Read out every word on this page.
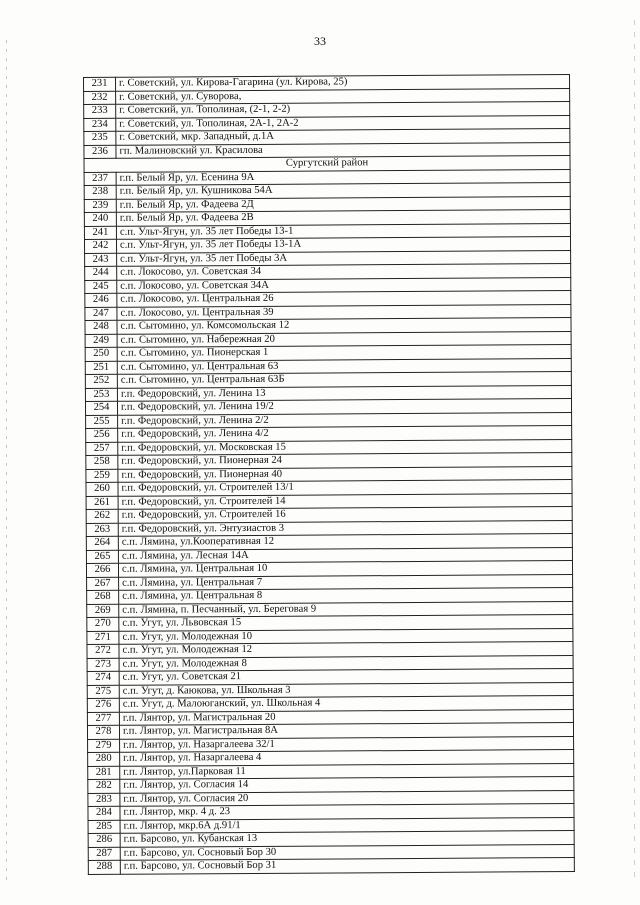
33
231	г. Советский, ул. Кирова-Гагарина (ул. Кирова, 25)
232	г. Советский, ул. Суворова,
233	г. Советский, ул. Тополиная, (2-1, 2-2)
234	г. Советский, ул. Тополиная, 2А-1, 2А-2
235	г. Советский, мкр. Западный, д.1А
236	гп. Малиновский ул. Красилова
Сургутский район	
237	г.п. Белый Яр, ул. Есенина 9А
238	г.п. Белый Яр, ул. Кушникова 54А
239	г.п. Белый Яр, ул. Фадеева 2Д
240	г.п. Белый Яр, ул. Фадеева 2В
241	с.п. Ульт-Ягун, ул. 35 лет Победы 13-1
242	с.п. Ульт-Ягун, ул. 35 лет Победы 13-1А
243	с.п. Ульт-Ягун, ул. 35 лет Победы 3А
244	с.п. Локосово, ул. Советская 34
245	с.п. Локосово, ул. Советская 34А
246	с.п. Локосово, ул. Центральная 26
247	с.п. Локосово, ул. Центральная 39
248	с.п. Сытомино, ул. Комсомольская 12
249	с.п. Сытомино, ул. Набережная 20
250	с.п. Сытомино, ул. Пионерская 1
251	с.п. Сытомино, ул. Центральная 63
252	с.п. Сытомино, ул. Центральная 63Б
253	г.п. Федоровский, ул. Ленина 13
254	г.п. Федоровский, ул. Ленина 19/2
255	г.п. Федоровский, ул. Ленина 2/2
256	г.п. Федоровский, ул. Ленина 4/2
257	г.п. Федоровский, ул. Московская 15
258	г.п. Федоровский, ул. Пионерная 24
259	г.п. Федоровский, ул. Пионерная 40
260	г.п. Федоровский, ул. Строителей 13/1
261	г.п. Федоровский, ул. Строителей 14
262	г.п. Федоровский, ул. Строителей 16
263	г.п. Федоровский, ул. Энтузиастов 3
264	с.п. Лямина, ул.Кооперативная 12
265	с.п. Лямина, ул. Лесная 14А
266	с.п. Лямина, ул. Центральная 10
267	с.п. Лямина, ул. Центральная 7
268	с.п. Лямина, ул. Центральная 8
269	с.п. Лямина, п. Песчанный, ул. Береговая 9
270	с.п. Угут, ул. Львовская 15
271	с.п. Угут, ул. Молодежная 10
272	с.п. Угут, ул. Молодежная 12
273	с.п. Угут, ул. Молодежная 8
274	с.п. Угут, ул. Советская 21
275	с.п. Угут, д. Каюкова, ул. Школьная 3
276	с.п. Угут, д. Малоюганский, ул. Школьная 4
277	г.п. Лянтор, ул. Магистральная 20
278	г.п. Лянтор, ул. Магистральная 8А
279	г.п. Лянтор, ул. Назаргалеева 32/1
280	г.п. Лянтор, ул. Назаргалеева 4
281	г.п. Лянтор, ул.Парковая 11
282	г.п. Лянтор, ул. Согласия 14
283	г.п. Лянтор, ул. Согласия 20
284	г.п. Лянтор, мкр. 4 д. 23
285	г.п. Лянтор, мкр.6А д.91/1
286	г.п. Барсово, ул. Кубанская 13
287	г.п. Барсово, ул. Сосновый Бор 30
288	г.п. Барсово, ул. Сосновый Бор 31
